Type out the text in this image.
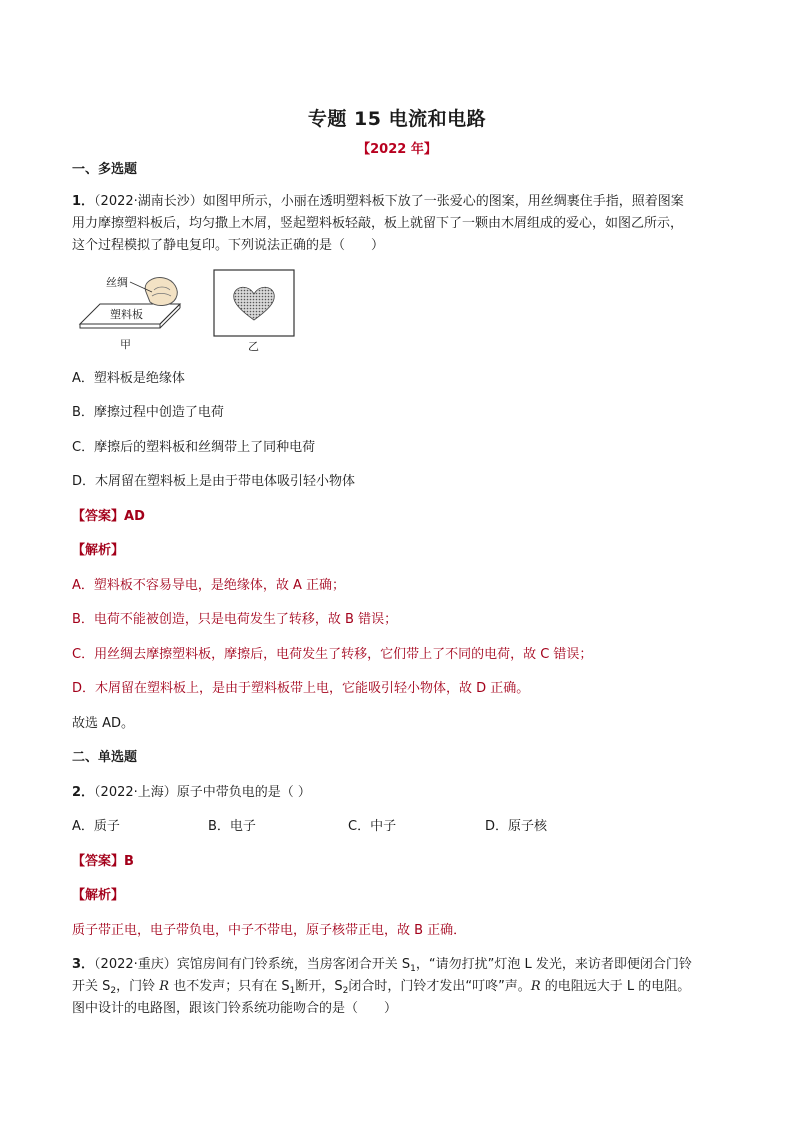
专题 15 电流和电路
【2022 年】
一、多选题
1．（2022·湖南长沙）如图甲所示，小丽在透明塑料板下放了一张爱心的图案，用丝绸裹住手指，照着图案
用力摩擦塑料板后，均匀撒上木屑，竖起塑料板轻敲，板上就留下了一颗由木屑组成的爱心，如图乙所示，
这个过程模拟了静电复印。下列说法正确的是（　　）
丝绸
塑料板
甲	乙
A．塑料板是绝缘体
B．摩擦过程中创造了电荷
C．摩擦后的塑料板和丝绸带上了同种电荷
D．木屑留在塑料板上是由于带电体吸引轻小物体
【答案】AD
【解析】
A．塑料板不容易导电，是绝缘体，故 A 正确；
B．电荷不能被创造，只是电荷发生了转移，故 B 错误；
C．用丝绸去摩擦塑料板，摩擦后，电荷发生了转移，它们带上了不同的电荷，故 C 错误；
D．木屑留在塑料板上，是由于塑料板带上电，它能吸引轻小物体，故 D 正确。
故选 AD。
二、单选题
2．（2022·上海）原子中带负电的是（ ）
A．质子	B．电子	C．中子	D．原子核
【答案】B
【解析】
质子带正电，电子带负电，中子不带电，原子核带正电，故 B 正确．
3．（2022·重庆）宾馆房间有门铃系统，当房客闭合开关 $S_1$，“请勿打扰”灯泡 L 发光，来访者即便闭合门铃
开关 $S_2$，门铃 R 也不发声；只有在 $S_1$断开，$S_2$闭合时，门铃才发出“叮咚”声。R 的电阻远大于 L 的电阻。
图中设计的电路图，跟该门铃系统功能吻合的是（　　）
